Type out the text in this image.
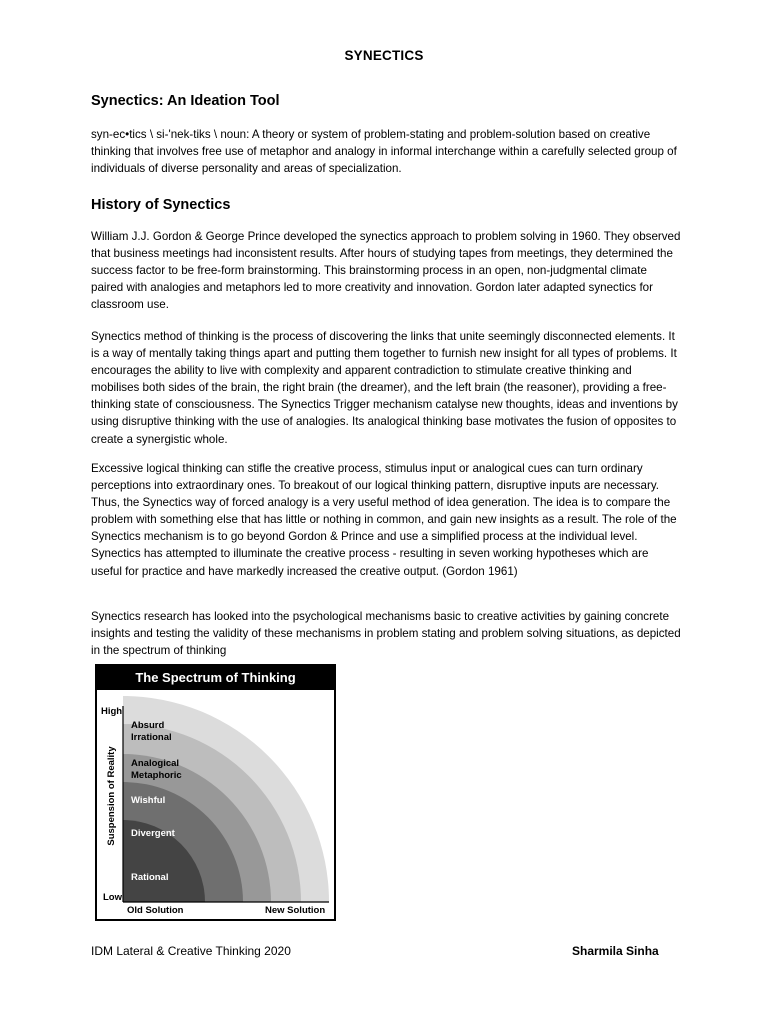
SYNECTICS
Synectics: An Ideation Tool

syn-ec•tics \ si-'nek-tiks \ noun: A theory or system of problem-stating and problem-solution based on creative thinking that involves free use of metaphor and analogy in informal interchange within a carefully selected group of individuals of diverse personality and areas of specialization.

History of Synectics

William J.J. Gordon & George Prince developed the synectics approach to problem solving in 1960. They observed that business meetings had inconsistent results. After hours of studying tapes from meetings, they determined the success factor to be free-form brainstorming. This brainstorming process in an open, non-judgmental climate paired with analogies and metaphors led to more creativity and innovation. Gordon later adapted synectics for classroom use.

Synectics method of thinking is the process of discovering the links that unite seemingly disconnected elements. It is a way of mentally taking things apart and putting them together to furnish new insight for all types of problems. It encourages the ability to live with complexity and apparent contradiction to stimulate creative thinking and mobilises both sides of the brain, the right brain (the dreamer), and the left brain (the reasoner), providing a free-thinking state of consciousness. The Synectics Trigger mechanism catalyse new thoughts, ideas and inventions by using disruptive thinking with the use of analogies. Its analogical thinking base motivates the fusion of opposites to create a synergistic whole.

Excessive logical thinking can stifle the creative process, stimulus input or analogical cues can turn ordinary perceptions into extraordinary ones. To breakout of our logical thinking pattern, disruptive inputs are necessary. Thus, the Synectics way of forced analogy is a very useful method of idea generation. The idea is to compare the problem with something else that has little or nothing in common, and gain new insights as a result. The role of the Synectics mechanism is to go beyond Gordon & Prince and use a simplified process at the individual level. Synectics has attempted to illuminate the creative process - resulting in seven working hypotheses which are useful for practice and have markedly increased the creative output. (Gordon 1961)

Synectics research has looked into the psychological mechanisms basic to creative activities by gaining concrete insights and testing the validity of these mechanisms in problem stating and problem solving situations, as depicted in the spectrum of thinking

The Spectrum of Thinking
Rational
Divergent
Wishful
Analogical
Metaphoric
Absurd
Irrational
High
Low
Suspension of Reality
Old Solution	New Solution
IDM Lateral & Creative Thinking 2020	Sharmila Sinha
